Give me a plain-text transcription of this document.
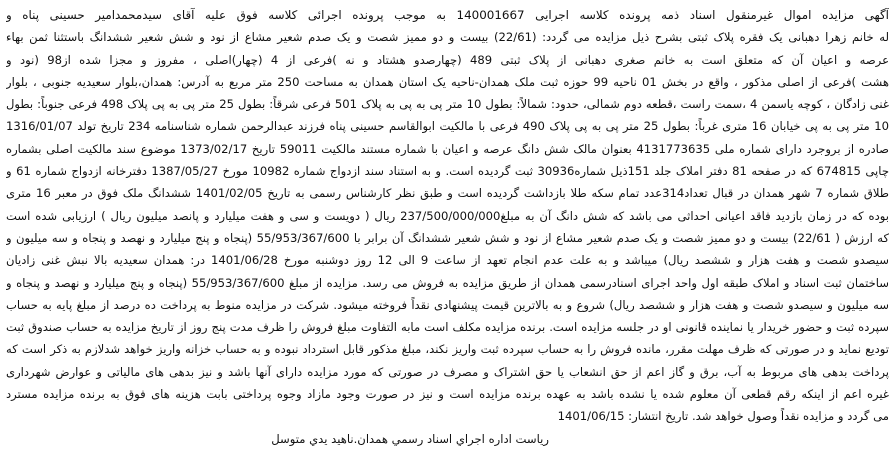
آگهی مزایده اموال غیرمنقول اسناد ذمه پرونده کلاسه اجرایی 140001667 به موجب پرونده اجرائی کلاسه فوق علیه آقای سیدمحمدامیر حسینی پناه و
له خانم زهرا دهبانی یک فقره پلاک ثبتی بشرح ذیل مزایده می گردد: (22/61) بیست و دو ممیز شصت و یک صدم شعیر مشاع از نود و شش شعیر ششدانگ باستثنا ثمن بهاء
عرصه و اعیان آن که متعلق است به خانم صغری دهبانی از پلاک ثبتی 489 (چهارصدو هشتاد و نه )فرعی از 4 (چهار)اصلی ، مفروز و مجزا شده از98 (نود و
هشت )فرعی از اصلی مذکور ، واقع در بخش 01 ناحیه 99 حوزه ثبت ملک همدان-ناحیه یک استان همدان به مساحت 250 متر مربع به آدرس: همدان،بلوار سعیدیه جنوبی ، بلوار
غنی زادگان ، کوچه یاسمن 4 ،سمت راست ،قطعه دوم شمالی، حدود: شمالاً: بطول 10 متر پی به پی به پلاک 501 فرعی شرقاً: بطول 25 متر پی به پی پلاک 498 فرعی جنوباً: بطول
10 متر پی به پی خیابان 16 متری غرباً: بطول 25 متر پی به پی پلاک 490 فرعی با مالکیت ابوالقاسم حسینی پناه فرزند عبدالرحمن شماره شناسنامه 234 تاریخ تولد 1316/01/07
صادره از بروجرد دارای شماره ملی 4131773635 بعنوان مالک شش دانگ عرصه و اعیان با شماره مستند مالکیت 59011 تاریخ 1373/02/17 موضوع سند مالکیت اصلی بشماره
چاپی 674815 که در صفحه 81 دفتر املاک جلد 151ذیل شماره30936 ثبت گردیده است. و به استناد سند ازدواج شماره 10982 مورخ 1387/05/27 دفترخانه ازدواج شماره 61 و
طلاق شماره 7 شهر همدان در قبال تعداد314عدد تمام سکه طلا بازداشت گردیده است و طبق نظر کارشناس رسمی به تاریخ 1401/02/05 ششدانگ ملک فوق در معبر 16 متری
بوده که در زمان بازدید فاقد اعیانی احداثی می باشد که شش دانگ آن به مبلغ237/500/000/000 ریال ( دویست و سی و هفت میلیارد و پانصد میلیون ریال ) ارزیابی شده است
که ارزش ( 22/61) بیست و دو ممیز شصت و یک صدم شعیر مشاع از نود و شش شعیر ششدانگ آن برابر با 55/953/367/600 (پنجاه و پنج میلیارد و نهصد و پنجاه و سه میلیون و
سیصدو شصت و هفت هزار و ششصد ریال) میباشد و به علت عدم انجام تعهد از ساعت 9 الی 12 روز دوشنبه مورخ 1401/06/28 در: همدان سعیدیه بالا نبش غنی زادیان
ساختمان ثبت اسناد و املاک طبقه اول واحد اجرای اسنادرسمی همدان از طریق مزایده به فروش می رسد. مزایده از مبلغ 55/953/367/600 (پنجاه و پنج میلیارد و نهصد و پنجاه و
سه میلیون و سیصدو شصت و هفت هزار و ششصد ریال) شروع و به بالاترین قیمت پیشنهادی نقداً فروخته میشود. شرکت در مزایده منوط به پرداخت ده درصد از مبلغ پایه به حساب
سپرده ثبت و حضور خریدار یا نماینده قانونی او در جلسه مزایده است. برنده مزایده مکلف است مابه التفاوت مبلغ فروش را ظرف مدت پنج روز از تاریخ مزایده به حساب صندوق ثبت
تودیع نماید و در صورتی که ظرف مهلت مقرر، مانده فروش را به حساب سپرده ثبت واریز نکند، مبلغ مذکور قابل استرداد نبوده و به حساب خزانه واریز خواهد شدلازم به ذکر است که
پرداخت بدهی های مربوط به آب، برق و گاز اعم از حق انشعاب یا حق اشتراک و مصرف در صورتی که مورد مزایده دارای آنها باشد و نیز بدهی های مالیاتی و عوارض شهرداری
غیره اعم از اینکه رقم قطعی آن معلوم شده یا نشده باشد به عهده برنده مزایده است و نیز در صورت وجود مازاد وجوه پرداختی بابت هزینه های فوق به برنده مزایده مسترد
می گردد و مزایده نقداً وصول خواهد شد. تاریخ انتشار: 1401/06/15
رياست اداره اجراي اسناد رسمي همدان.ناهيد يدي متوسل
